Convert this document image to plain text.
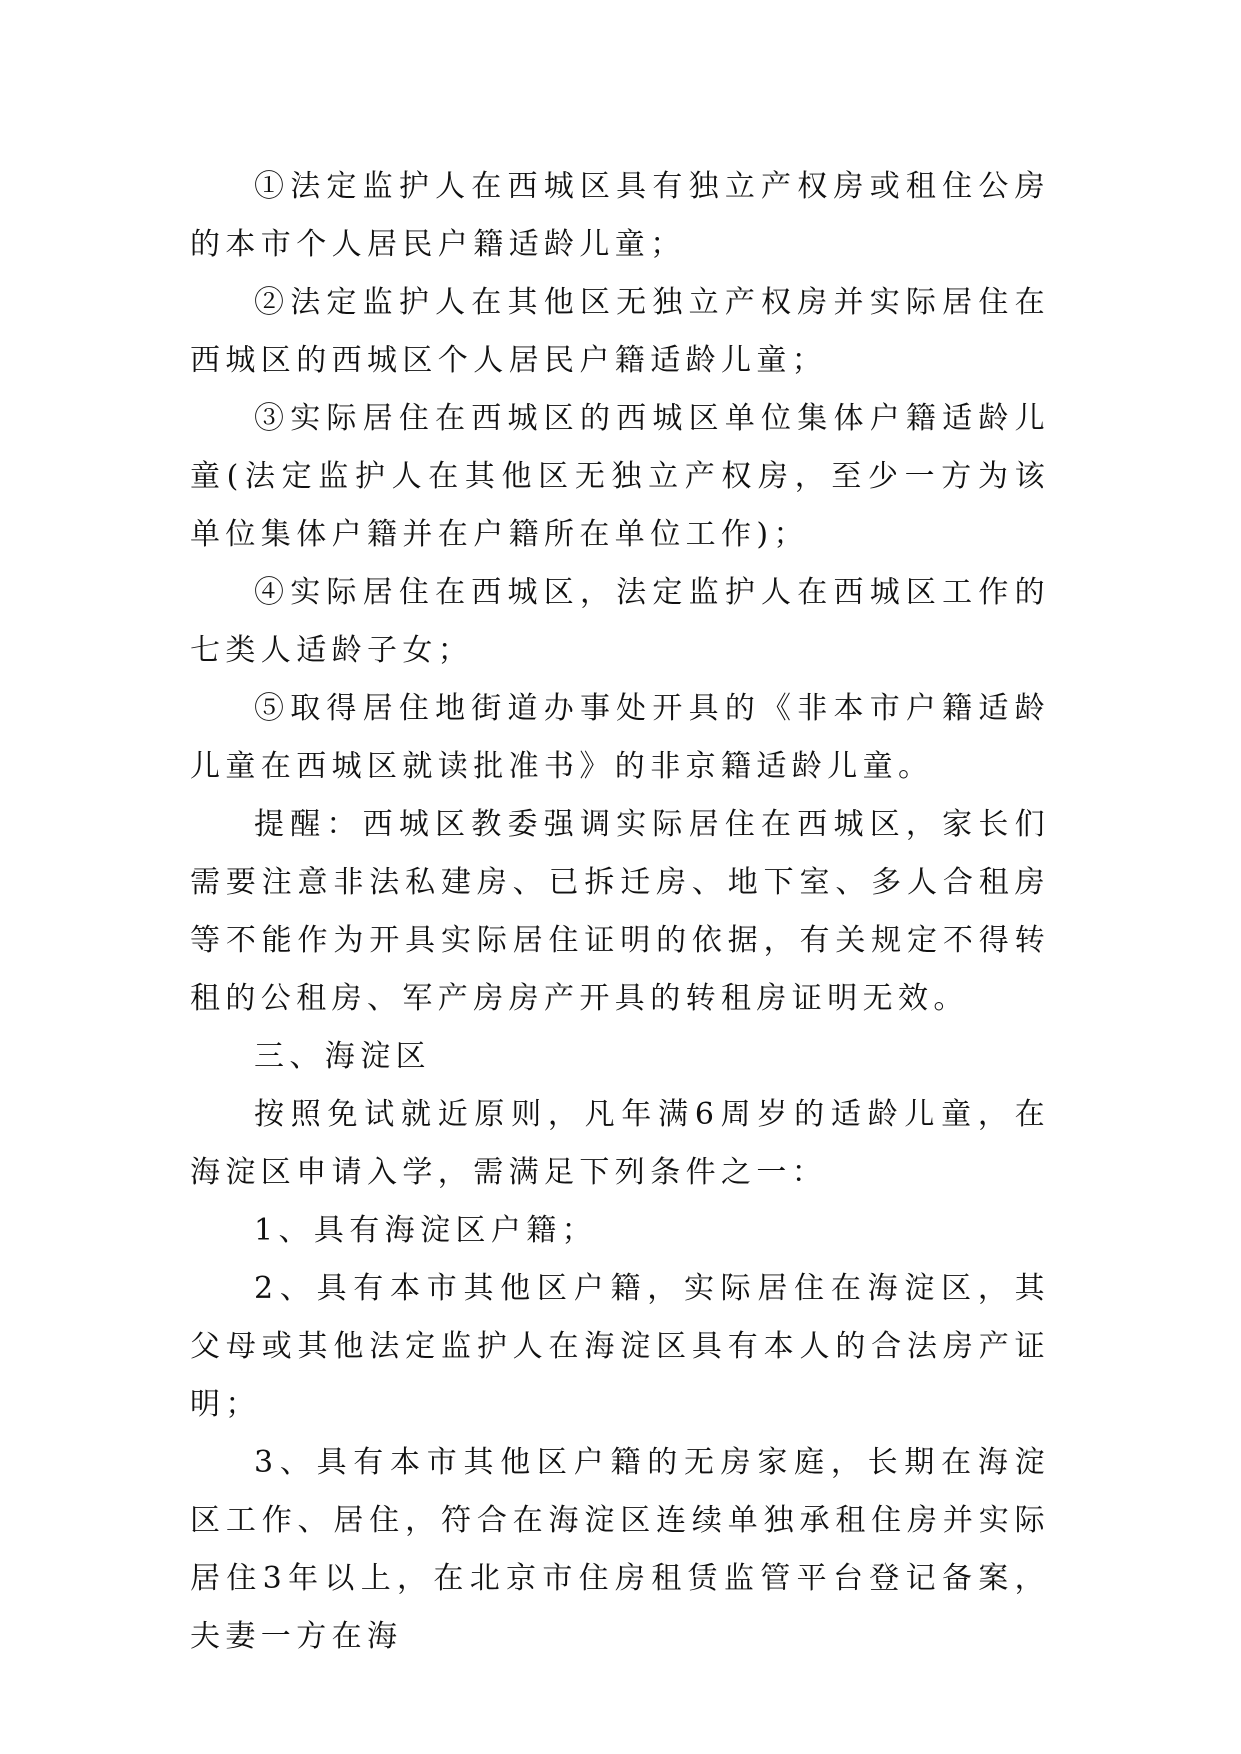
①法定监护人在西城区具有独立产权房或租住公房的本市个人居民户籍适龄儿童；

②法定监护人在其他区无独立产权房并实际居住在西城区的西城区个人居民户籍适龄儿童；

③实际居住在西城区的西城区单位集体户籍适龄儿童(法定监护人在其他区无独立产权房，至少一方为该单位集体户籍并在户籍所在单位工作)；

④实际居住在西城区，法定监护人在西城区工作的七类人适龄子女；

⑤取得居住地街道办事处开具的《非本市户籍适龄儿童在西城区就读批准书》的非京籍适龄儿童。

提醒：西城区教委强调实际居住在西城区，家长们需要注意非法私建房、已拆迁房、地下室、多人合租房等不能作为开具实际居住证明的依据，有关规定不得转租的公租房、军产房房产开具的转租房证明无效。

三、海淀区

按照免试就近原则，凡年满6周岁的适龄儿童，在海淀区申请入学，需满足下列条件之一：

1、具有海淀区户籍；

2、具有本市其他区户籍，实际居住在海淀区，其父母或其他法定监护人在海淀区具有本人的合法房产证明；

3、具有本市其他区户籍的无房家庭，长期在海淀区工作、居住，符合在海淀区连续单独承租住房并实际居住3年以上，在北京市住房租赁监管平台登记备案，夫妻一方在海
